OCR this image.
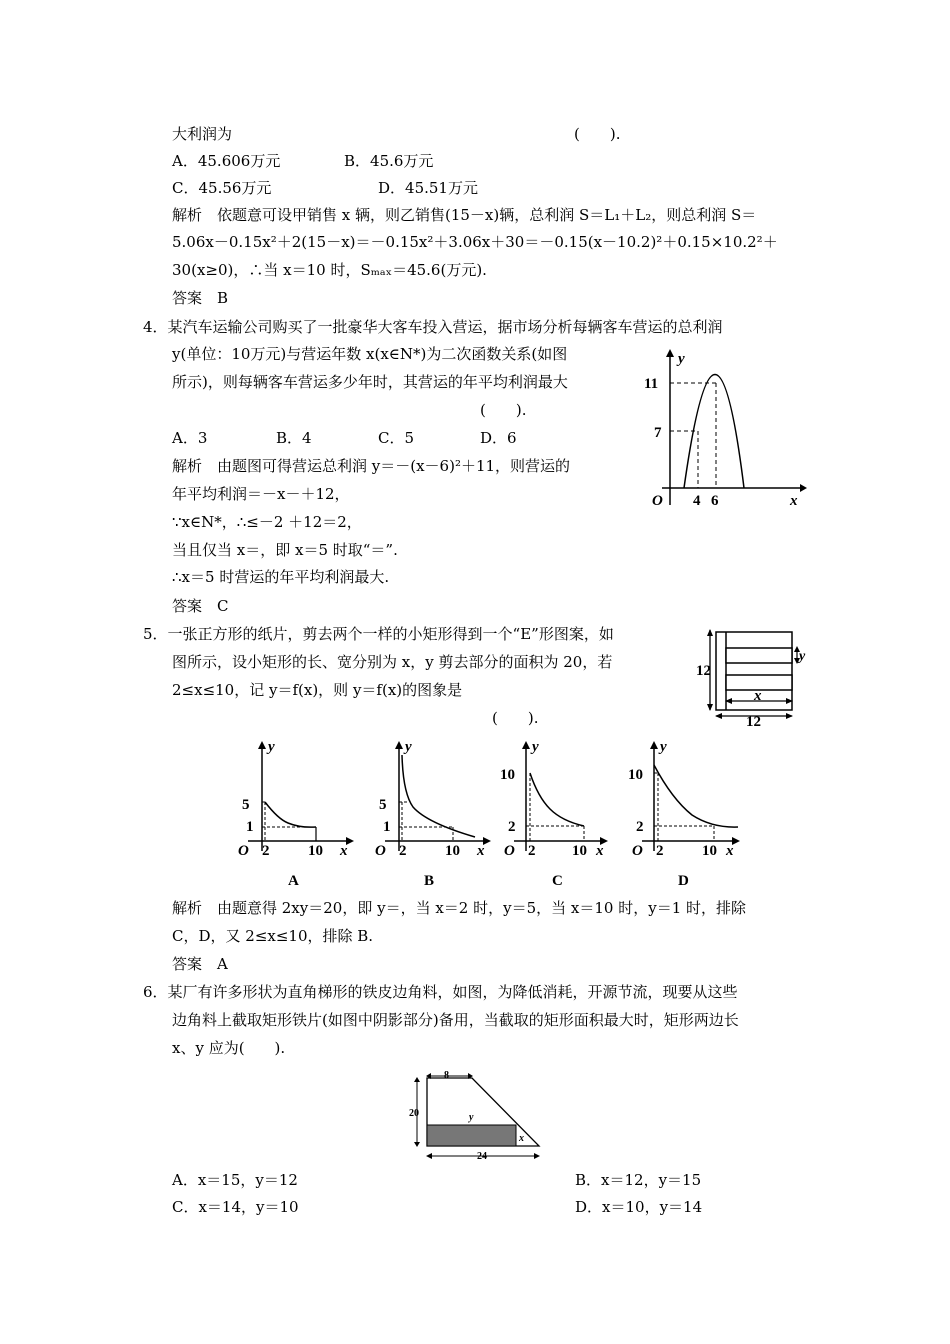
大利润为	(　　).
A．45.606万元	B．45.6万元
C．45.56万元	D．45.51万元
解析　依题意可设甲销售 x 辆，则乙销售(15－x)辆，总利润 S＝L₁＋L₂，则总利润 S＝
5.06x－0.15x²＋2(15－x)＝－0.15x²＋3.06x＋30＝－0.15(x－10.2)²＋0.15×10.2²＋
30(x≥0)，∴当 x＝10 时，Sₘₐₓ＝45.6(万元).
答案　B
4．某汽车运输公司购买了一批豪华大客车投入营运，据市场分析每辆客车营运的总利润
y(单位：10万元)与营运年数 x(x∈N*)为二次函数关系(如图
所示)，则每辆客车营运多少年时，其营运的年平均利润最大
(　　).
A．3	B．4	C．5	D．6
解析　由题图可得营运总利润 y＝－(x－6)²＋11，则营运的
年平均利润＝－x－＋12，
∵x∈N*，∴≤－2 ＋12＝2，
当且仅当 x＝，即 x＝5 时取“＝”.
∴x＝5 时营运的年平均利润最大.
答案　C
11
7
4 6
O	x
y
5．一张正方形的纸片，剪去两个一样的小矩形得到一个“E”形图案，如
图所示，设小矩形的长、宽分别为 x，y 剪去部分的面积为 20，若
2≤x≤10，记 y＝f(x)，则 y＝f(x)的图象是
(　　).
12
x
12
y
5
1
2	10
O	x
y
A
5
1
2	10
O	x
y
B
10
2
2 10
O	x
y
C
10
2
2	10
O	x
y
D
解析　由题意得 2xy＝20，即 y＝，当 x＝2 时，y＝5，当 x＝10 时，y＝1 时，排除
C，D，又 2≤x≤10，排除 B.
答案　A
6．某厂有许多形状为直角梯形的铁皮边角料，如图，为降低消耗，开源节流，现要从这些
边角料上截取矩形铁片(如图中阴影部分)备用，当截取的矩形面积最大时，矩形两边长
x、y 应为(　　).
8
20	y
x
24
A．x＝15，y＝12	B．x＝12，y＝15
C．x＝14，y＝10	D．x＝10，y＝14
